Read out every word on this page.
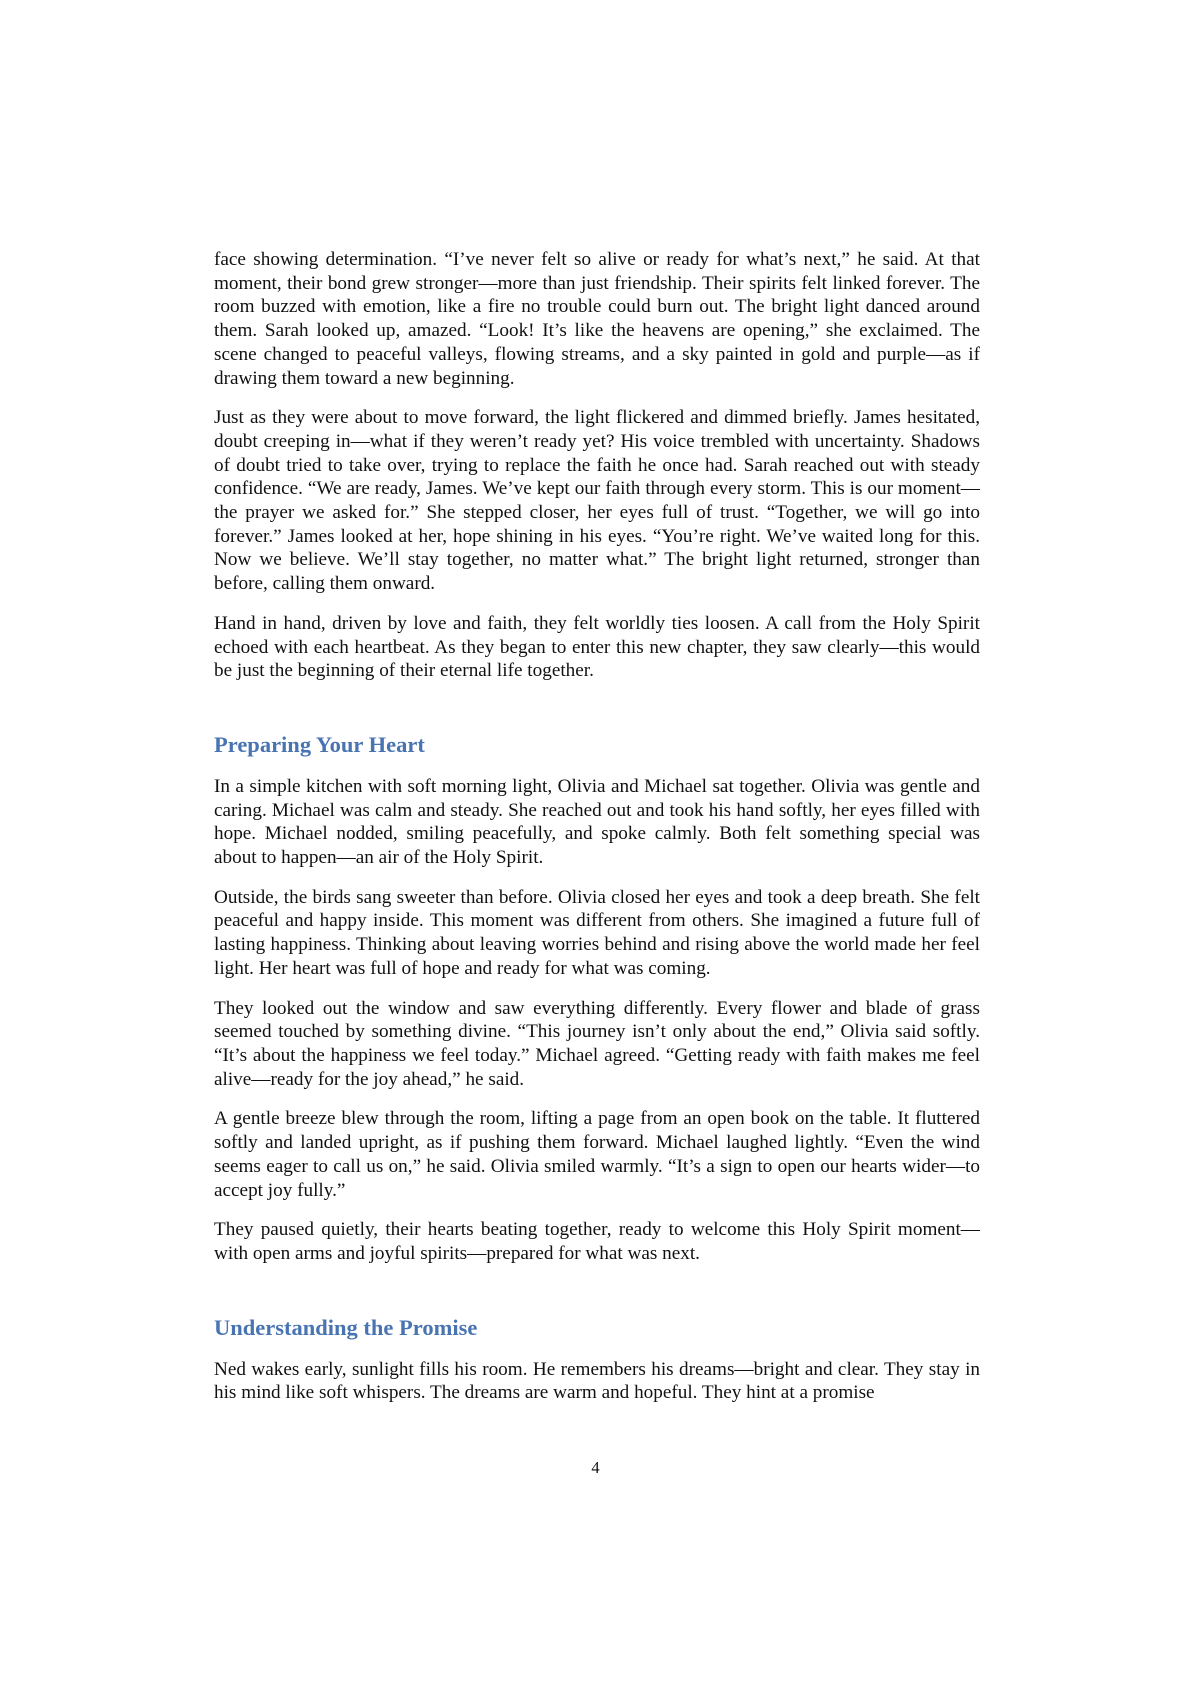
face showing determination. “I’ve never felt so alive or ready for what’s next,” he said. At that moment, their bond grew stronger—more than just friendship. Their spirits felt linked forever. The room buzzed with emotion, like a fire no trouble could burn out. The bright light danced around them. Sarah looked up, amazed. “Look! It’s like the heavens are opening,” she exclaimed. The scene changed to peaceful valleys, flowing streams, and a sky painted in gold and purple—as if drawing them toward a new beginning.

Just as they were about to move forward, the light flickered and dimmed briefly. James hesitated, doubt creeping in—what if they weren’t ready yet? His voice trembled with uncertainty. Shadows of doubt tried to take over, trying to replace the faith he once had. Sarah reached out with steady confidence. “We are ready, James. We’ve kept our faith through every storm. This is our moment—the prayer we asked for.” She stepped closer, her eyes full of trust. “Together, we will go into forever.” James looked at her, hope shining in his eyes. “You’re right. We’ve waited long for this. Now we believe. We’ll stay together, no matter what.” The bright light returned, stronger than before, calling them onward.

Hand in hand, driven by love and faith, they felt worldly ties loosen. A call from the Holy Spirit echoed with each heartbeat. As they began to enter this new chapter, they saw clearly—this would be just the beginning of their eternal life together.

Preparing Your Heart

In a simple kitchen with soft morning light, Olivia and Michael sat together. Olivia was gentle and caring. Michael was calm and steady. She reached out and took his hand softly, her eyes filled with hope. Michael nodded, smiling peacefully, and spoke calmly. Both felt something special was about to happen—an air of the Holy Spirit.

Outside, the birds sang sweeter than before. Olivia closed her eyes and took a deep breath. She felt peaceful and happy inside. This moment was different from others. She imagined a future full of lasting happiness. Thinking about leaving worries behind and rising above the world made her feel light. Her heart was full of hope and ready for what was coming.

They looked out the window and saw everything differently. Every flower and blade of grass seemed touched by something divine. “This journey isn’t only about the end,” Olivia said softly. “It’s about the happiness we feel today.” Michael agreed. “Getting ready with faith makes me feel alive—ready for the joy ahead,” he said.

A gentle breeze blew through the room, lifting a page from an open book on the table. It fluttered softly and landed upright, as if pushing them forward. Michael laughed lightly. “Even the wind seems eager to call us on,” he said. Olivia smiled warmly. “It’s a sign to open our hearts wider—to accept joy fully.”

They paused quietly, their hearts beating together, ready to welcome this Holy Spirit moment—with open arms and joyful spirits—prepared for what was next.

Understanding the Promise

Ned wakes early, sunlight fills his room. He remembers his dreams—bright and clear. They stay in his mind like soft whispers. The dreams are warm and hopeful. They hint at a promise

4
